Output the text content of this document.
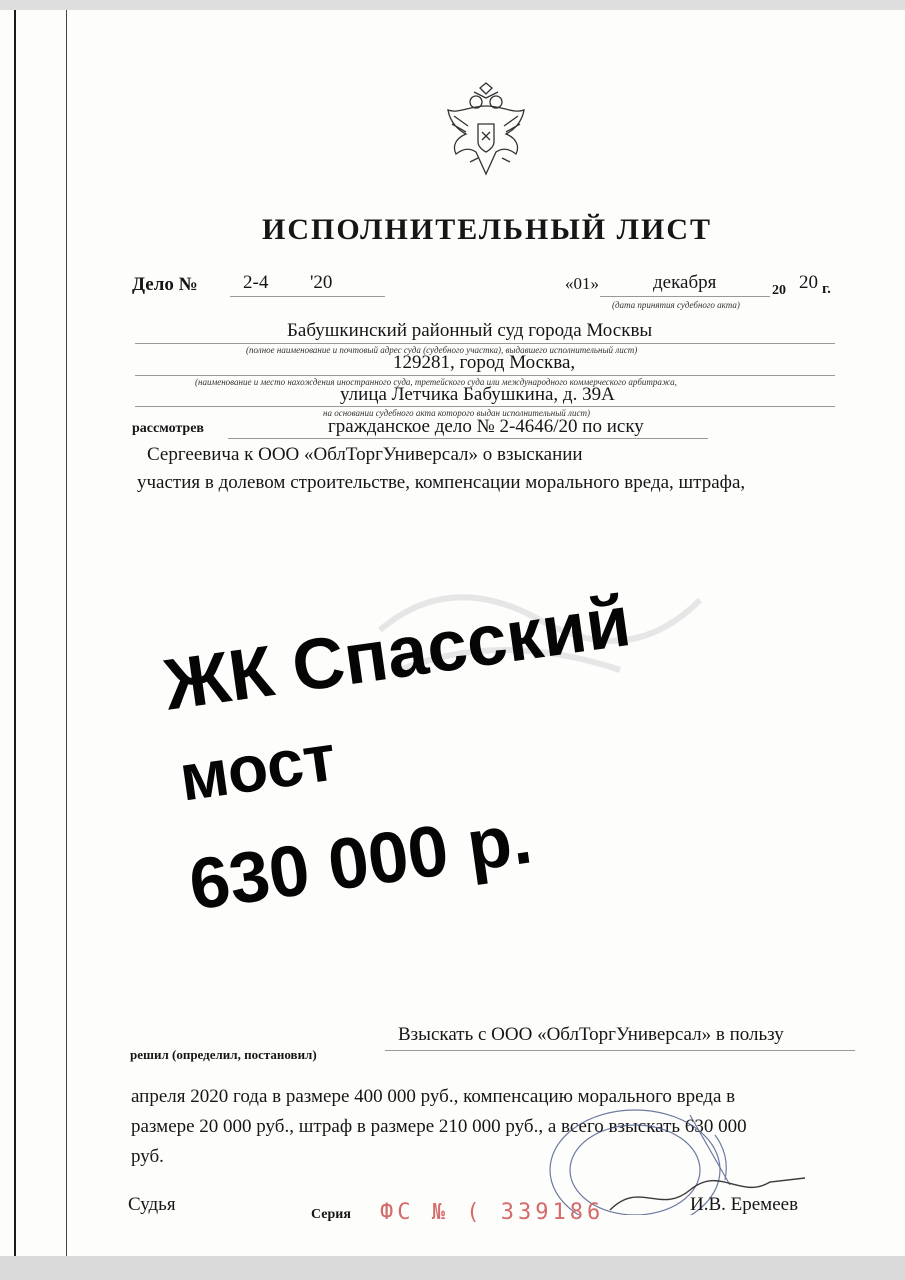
ИСПОЛНИТЕЛЬНЫЙ ЛИСТ
Дело № 2-4 '20	«01»	декабря	20 20 г.
(дата принятия судебного акта)
Бабушкинский районный суд города Москвы
(полное наименование и почтовый адрес суда (судебного участка), выдавшего исполнительный лист)
129281, город Москва,
(наименование и место нахождения иностранного суда, третейского суда или международного коммерческого арбитража,
улица Летчика Бабушкина, д. 39А
на основании судебного акта которого выдан исполнительный лист)
рассмотрев	гражданское дело № 2-4646/20 по иску
Сергеевича к ООО «ОблТоргУниверсал» о взыскании
участия в долевом строительстве, компенсации морального вреда, штрафа,
ЖК Спасский
мост
630 000 р.
Взыскать с ООО «ОблТоргУниверсал» в пользу
решил (определил, постановил)
апреля 2020 года в размере 400 000 руб., компенсацию морального вреда в
размере 20 000 руб., штраф в размере 210 000 руб., а всего взыскать 630 000
руб.
Судья	Серия ФС № ( 339186	И.В. Еремеев
